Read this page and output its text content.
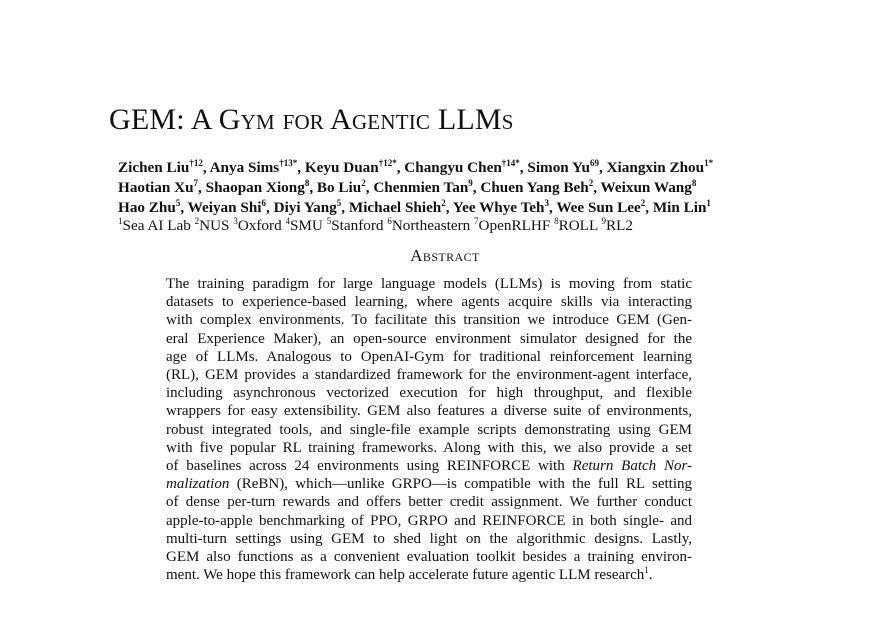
GEM: A Gym for Agentic LLMs
Zichen Liu$^{\dagger 12}$, Anya Sims$^{\dagger 13*}$, Keyu Duan$^{\dagger 12*}$, Changyu Chen$^{\dagger 14*}$, Simon Yu$^{69}$, Xiangxin Zhou$^{1*}$
Haotian Xu$^7$, Shaopan Xiong$^8$, Bo Liu$^2$, Chenmien Tan$^9$, Chuen Yang Beh$^2$, Weixun Wang$^8$
Hao Zhu$^5$, Weiyan Shi$^6$, Diyi Yang$^5$, Michael Shieh$^2$, Yee Whye Teh$^3$, Wee Sun Lee$^2$, Min Lin$^1$
$^1$Sea AI Lab $^2$NUS $^3$Oxford $^4$SMU $^5$Stanford $^6$Northeastern $^7$OpenRLHF $^8$ROLL $^9$RL2
Abstract
The training paradigm for large language models (LLMs) is moving from static
datasets to experience-based learning, where agents acquire skills via interacting
with complex environments. To facilitate this transition we introduce GEM (Gen-
eral Experience Maker), an open-source environment simulator designed for the
age of LLMs. Analogous to OpenAI-Gym for traditional reinforcement learning
(RL), GEM provides a standardized framework for the environment-agent interface,
including asynchronous vectorized execution for high throughput, and flexible
wrappers for easy extensibility. GEM also features a diverse suite of environments,
robust integrated tools, and single-file example scripts demonstrating using GEM
with five popular RL training frameworks. Along with this, we also provide a set
of baselines across 24 environments using REINFORCE with Return Batch Nor-
malization (ReBN), which—unlike GRPO—is compatible with the full RL setting
of dense per-turn rewards and offers better credit assignment. We further conduct
apple-to-apple benchmarking of PPO, GRPO and REINFORCE in both single- and
multi-turn settings using GEM to shed light on the algorithmic designs. Lastly,
GEM also functions as a convenient evaluation toolkit besides a training environ-
ment. We hope this framework can help accelerate future agentic LLM research$^1$.
